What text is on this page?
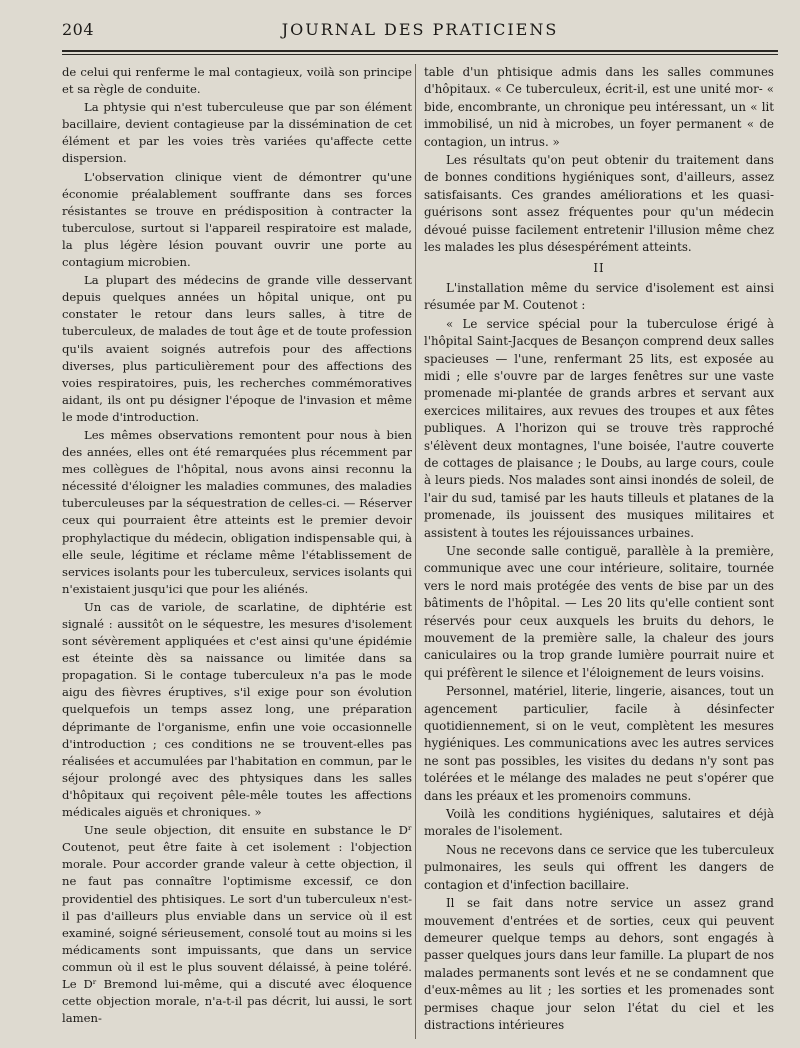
204	JOURNAL DES PRATICIENS

de celui qui renferme le mal contagieux, voilà son principe et sa règle de conduite.

La phtysie qui n'est tuberculeuse que par son élément bacillaire, devient contagieuse par la dissémination de cet élément et par les voies très variées qu'affecte cette dispersion.

L'observation clinique vient de démontrer qu'une économie préalablement souffrante dans ses forces résistantes se trouve en prédisposition à contracter la tuberculose, surtout si l'appareil respiratoire est malade, la plus légère lésion pouvant ouvrir une porte au contagium microbien.

La plupart des médecins de grande ville desservant depuis quelques années un hôpital unique, ont pu constater le retour dans leurs salles, à titre de tuberculeux, de malades de tout âge et de toute profession qu'ils avaient soignés autrefois pour des affections diverses, plus particulièrement pour des affections des voies respiratoires, puis, les recherches commémoratives aidant, ils ont pu désigner l'époque de l'invasion et même le mode d'introduction.

Les mêmes observations remontent pour nous à bien des années, elles ont été remarquées plus récemment par mes collègues de l'hôpital, nous avons ainsi reconnu la nécessité d'éloigner les maladies communes, des maladies tuberculeuses par la séquestration de celles-ci. — Réserver ceux qui pourraient être atteints est le premier devoir prophylactique du médecin, obligation indispensable qui, à elle seule, légitime et réclame même l'établissement de services isolants pour les tuberculeux, services isolants qui n'existaient jusqu'ici que pour les aliénés.

Un cas de variole, de scarlatine, de diphtérie est signalé : aussitôt on le séquestre, les mesures d'isolement sont sévèrement appliquées et c'est ainsi qu'une épidémie est éteinte dès sa naissance ou limitée dans sa propagation. Si le contage tuberculeux n'a pas le mode aigu des fièvres éruptives, s'il exige pour son évolution quelquefois un temps assez long, une préparation déprimante de l'organisme, enfin une voie occasionnelle d'introduction ; ces conditions ne se trouvent-elles pas réalisées et accumulées par l'habitation en commun, par le séjour prolongé avec des phtysiques dans les salles d'hôpitaux qui reçoivent pêle-mêle toutes les affections médicales aiguës et chroniques. »

Une seule objection, dit ensuite en substance le Dʳ Coutenot, peut être faite à cet isolement : l'objection morale. Pour accorder grande valeur à cette objection, il ne faut pas connaître l'optimisme excessif, ce don providentiel des phtisiques. Le sort d'un tuberculeux n'est-il pas d'ailleurs plus enviable dans un service où il est examiné, soigné sérieusement, consolé tout au moins si les médicaments sont impuissants, que dans un service commun où il est le plus souvent délaissé, à peine toléré. Le Dʳ Bremond lui-même, qui a discuté avec éloquence cette objection morale, n'a-t-il pas décrit, lui aussi, le sort lamen-

table d'un phtisique admis dans les salles communes d'hôpitaux. « Ce tuberculeux, écrit-il, est une unité mor- « bide, encombrante, un chronique peu intéressant, un « lit immobilisé, un nid à microbes, un foyer permanent « de contagion, un intrus. »

Les résultats qu'on peut obtenir du traitement dans de bonnes conditions hygiéniques sont, d'ailleurs, assez satisfaisants. Ces grandes améliorations et les quasi-guérisons sont assez fréquentes pour qu'un médecin dévoué puisse facilement entretenir l'illusion même chez les malades les plus désespérément atteints.

II

L'installation même du service d'isolement est ainsi résumée par M. Coutenot :

« Le service spécial pour la tuberculose érigé à l'hôpital Saint-Jacques de Besançon comprend deux salles spacieuses — l'une, renfermant 25 lits, est exposée au midi ; elle s'ouvre par de larges fenêtres sur une vaste promenade mi-plantée de grands arbres et servant aux exercices militaires, aux revues des troupes et aux fêtes publiques. A l'horizon qui se trouve très rapproché s'élèvent deux montagnes, l'une boisée, l'autre couverte de cottages de plaisance ; le Doubs, au large cours, coule à leurs pieds. Nos malades sont ainsi inondés de soleil, de l'air du sud, tamisé par les hauts tilleuls et platanes de la promenade, ils jouissent des musiques militaires et assistent à toutes les réjouissances urbaines.

Une seconde salle contiguë, parallèle à la première, communique avec une cour intérieure, solitaire, tournée vers le nord mais protégée des vents de bise par un des bâtiments de l'hôpital. — Les 20 lits qu'elle contient sont réservés pour ceux auxquels les bruits du dehors, le mouvement de la première salle, la chaleur des jours caniculaires ou la trop grande lumière pourrait nuire et qui préfèrent le silence et l'éloignement de leurs voisins.

Personnel, matériel, literie, lingerie, aisances, tout un agencement particulier, facile à désinfecter quotidiennement, si on le veut, complètent les mesures hygiéniques. Les communications avec les autres services ne sont pas possibles, les visites du dedans n'y sont pas tolérées et le mélange des malades ne peut s'opérer que dans les préaux et les promenoirs communs.

Voilà les conditions hygiéniques, salutaires et déjà morales de l'isolement.

Nous ne recevons dans ce service que les tuberculeux pulmonaires, les seuls qui offrent les dangers de contagion et d'infection bacillaire.

Il se fait dans notre service un assez grand mouvement d'entrées et de sorties, ceux qui peuvent demeurer quelque temps au dehors, sont engagés à passer quelques jours dans leur famille. La plupart de nos malades permanents sont levés et ne se condamnent que d'eux-mêmes au lit ; les sorties et les promenades sont permises chaque jour selon l'état du ciel et les distractions intérieures
